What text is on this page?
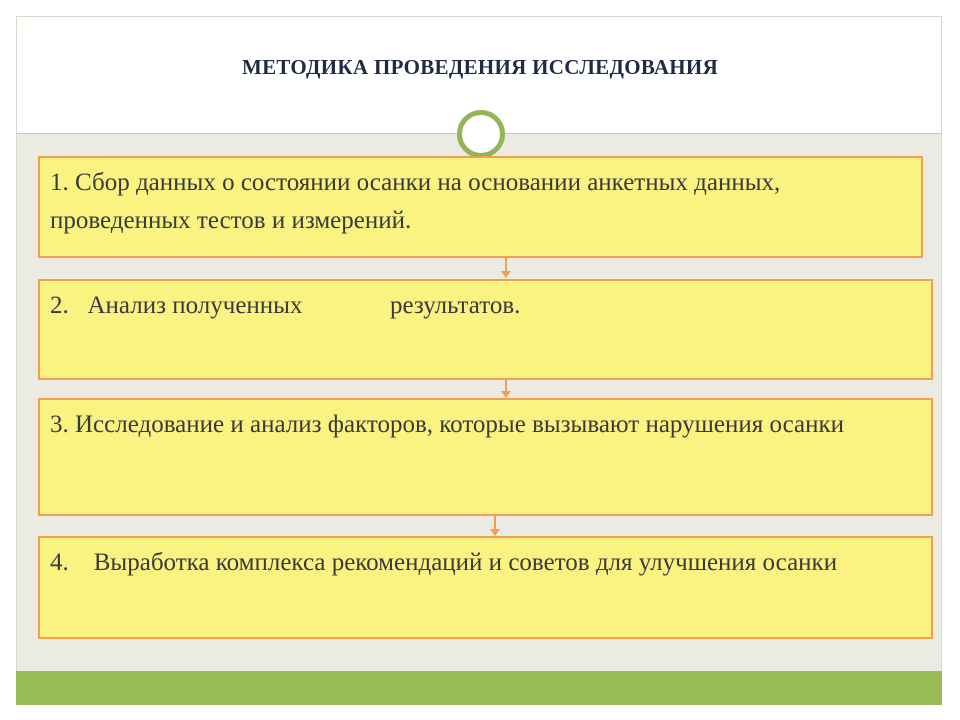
МЕТОДИКА ПРОВЕДЕНИЯ ИССЛЕДОВАНИЯ
1. Сбор данных о состоянии осанки на основании анкетных данных,  проведенных тестов и измерений.
2.   Анализ полученных              результатов.
3. Исследование и анализ факторов, которые вызывают нарушения осанки
4.    Выработка комплекса рекомендаций и советов для улучшения осанки
